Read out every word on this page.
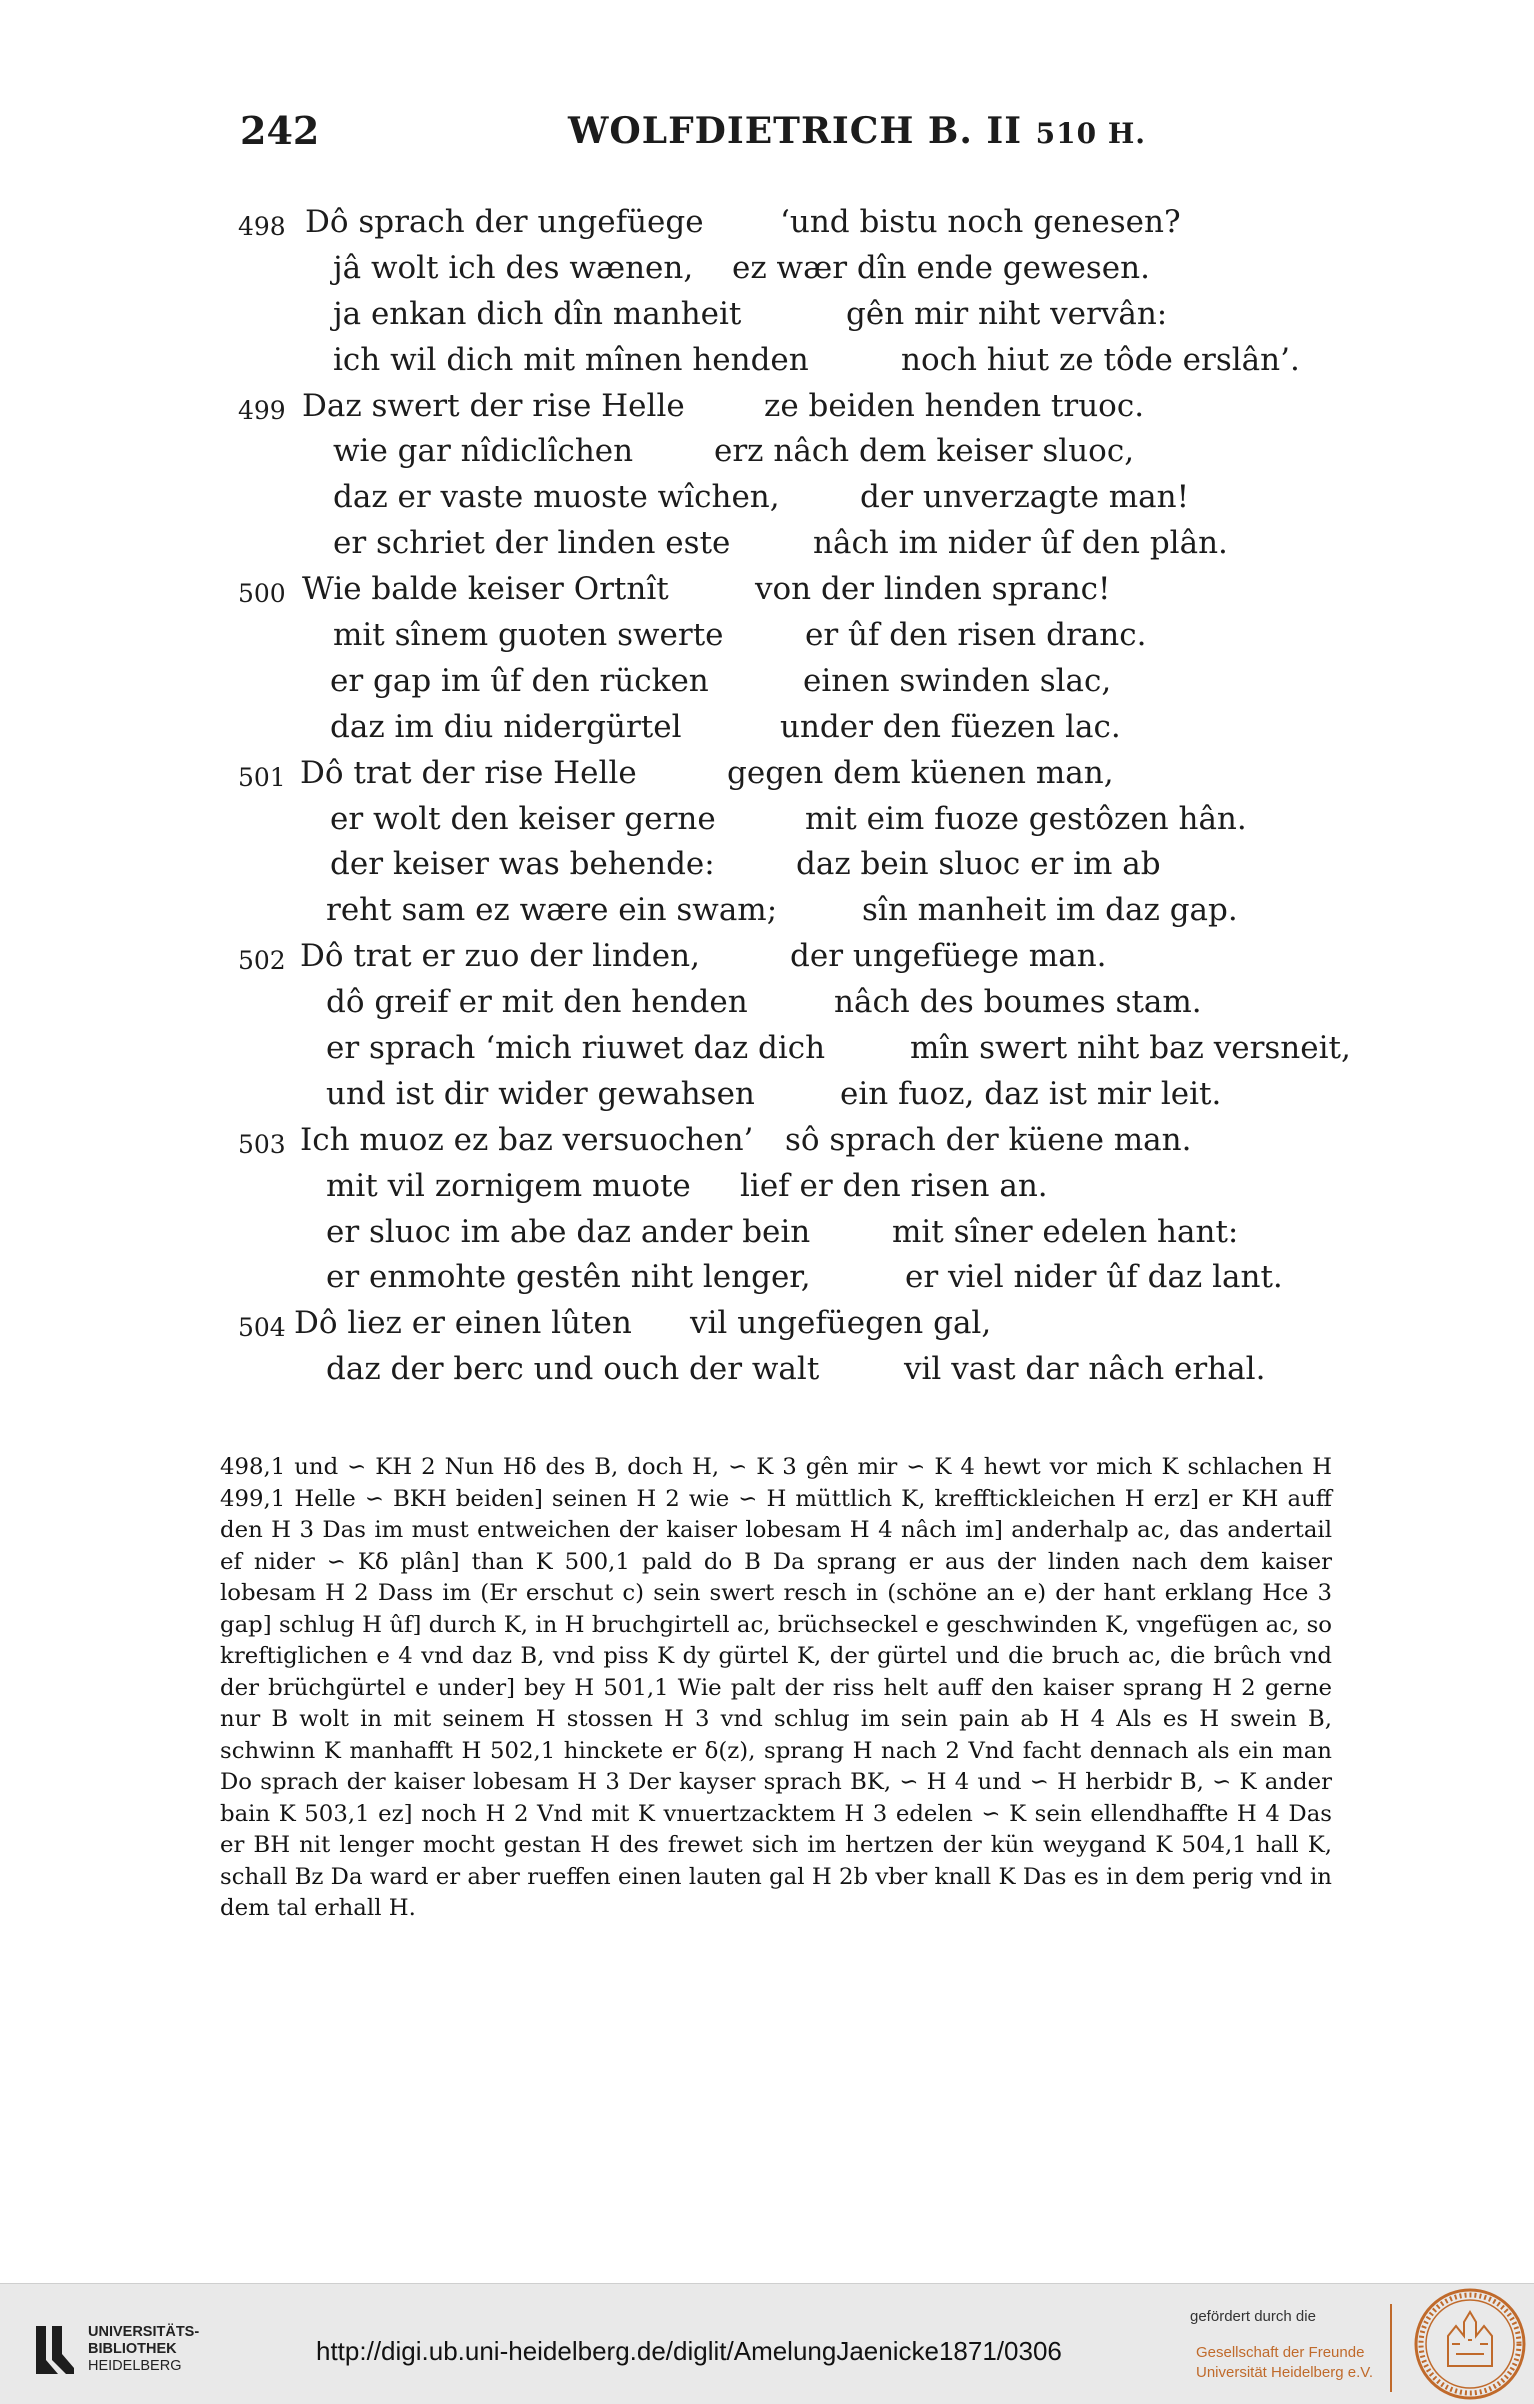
242	WOLFDIETRICH B. II 510 H.
498 Dô sprach der ungefüege ‘und bistu noch genesen?
jâ wolt ich des wænen, ez wær dîn ende gewesen.
ja enkan dich dîn manheit	gên mir niht vervân:
ich wil dich mit mînen henden	noch hiut ze tôde erslân’.
499 Daz swert der rise Helle	ze beiden henden truoc.
wie gar nîdiclîchen	erz nâch dem keiser sluoc,
daz er vaste muoste wîchen,	der unverzagte man!
er schriet der linden este	nâch im nider ûf den plân.
500 Wie balde keiser Ortnît	von der linden spranc!
mit sînem guoten swerte	er ûf den risen dranc.
er gap im ûf den rücken	einen swinden slac,
daz im diu nidergürtel	under den füezen lac.
501 Dô trat der rise Helle	gegen dem küenen man,
er wolt den keiser gerne	mit eim fuoze gestôzen hân.
der keiser was behende:	daz bein sluoc er im ab
reht sam ez wære ein swam;	sîn manheit im daz gap.
502 Dô trat er zuo der linden,	der ungefüege man.
dô greif er mit den henden	nâch des boumes stam.
er sprach ‘mich riuwet daz dich	mîn swert niht baz versneit,
und ist dir wider gewahsen	ein fuoz, daz ist mir leit.
503 Ich muoz ez baz versuochen’ sô sprach der küene man.
mit vil zornigem muote lief er den risen an.
er sluoc im abe daz ander bein	mit sîner edelen hant:
er enmohte gestên niht lenger,	er viel nider ûf daz lant.
504 Dô liez er einen lûten vil ungefüegen gal,
daz der berc und ouch der walt	vil vast dar nâch erhal.

498,1 und ∽ KH 2 Nun Hδ des B, doch H, ∽ K 3 gên mir ∽ K 4 hewt vor mich K schlachen H 499,1 Helle ∽ BKH beiden] seinen H 2 wie ∽ H müttlich K, krefftickleichen H erz] er KH auff den H 3 Das im must entweichen der kaiser lobesam H 4 nâch im] anderhalp ac, das andertail ef nider ∽ Kδ plân] than K 500,1 pald do B Da sprang er aus der linden nach dem kaiser lobesam H 2 Dass im (Er erschut c) sein swert resch in (schöne an e) der hant erklang Hce 3 gap] schlug H ûf] durch K, in H bruchgirtell ac, brüchseckel e geschwinden K, vngefügen ac, so kreftiglichen e 4 vnd daz B, vnd piss K dy gürtel K, der gürtel und die bruch ac, die brûch vnd der brüchgürtel e under] bey H 501,1 Wie palt der riss helt auff den kaiser sprang H 2 gerne nur B wolt in mit seinem H stossen H 3 vnd schlug im sein pain ab H 4 Als es H swein B, schwinn K manhafft H 502,1 hinckete er δ(z), sprang H nach 2 Vnd facht dennach als ein man Do sprach der kaiser lobesam H 3 Der kayser sprach BK, ∽ H 4 und ∽ H herbidr B, ∽ K ander bain K 503,1 ez] noch H 2 Vnd mit K vnuertzacktem H 3 edelen ∽ K sein ellendhaffte H 4 Das er BH nit lenger mocht gestan H des frewet sich im hertzen der kün weygand K 504,1 hall K, schall Bz Da ward er aber rueffen einen lauten gal H 2b vber knall K Das es in dem perig vnd in dem tal erhall H.

UNIVERSITÄTS-
BIBLIOTHEK
HEIDELBERG	http://digi.ub.uni-heidelberg.de/diglit/AmelungJaenicke1871/0306
gefördert durch die
Gesellschaft der Freunde
Universität Heidelberg e.V.
